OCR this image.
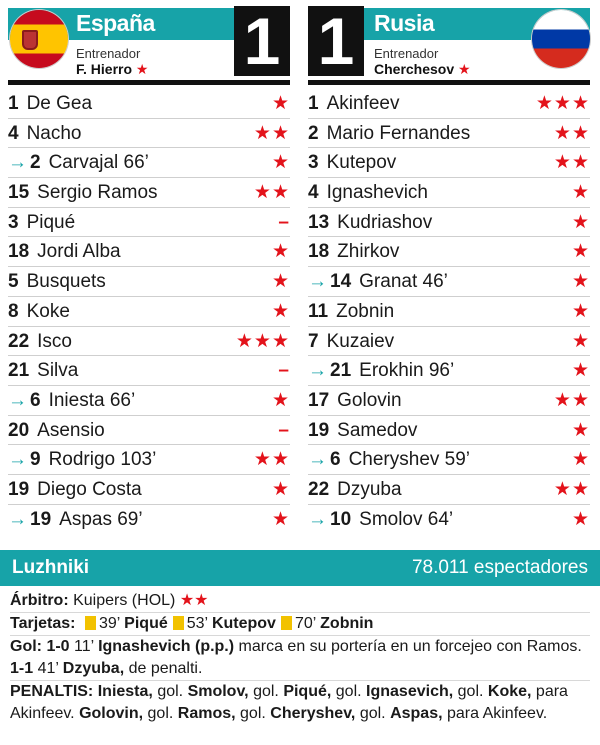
España
Entrenador
F. Hierro ★ 1
1 De Gea	★
4 Nacho	★★
→ 2 Carvajal 66’	★
15 Sergio Ramos	★★
3 Piqué	–
18 Jordi Alba	★
5 Busquets	★
8 Koke	★
22 Isco	★★★
21 Silva	–
→ 6 Iniesta 66’	★
20 Asensio	–
→ 9 Rodrigo 103’	★★
19 Diego Costa	★
→ 19 Aspas 69’	★
1 Rusia
Entrenador
Cherchesov ★
1 Akinfeev	★★★
2 Mario Fernandes	★★
3 Kutepov	★★
4 Ignashevich	★
13 Kudriashov	★
18 Zhirkov	★
→ 14 Granat 46’	★
11 Zobnin	★
7 Kuzaiev	★
→ 21 Erokhin 96’	★
17 Golovin	★★
19 Samedov	★
→ 6 Cheryshev 59’	★
22 Dzyuba	★★
→ 10 Smolov 64’	★
Luzhniki	78.011 espectadores
Árbitro: Kuipers (HOL) ★★
Tarjetas: 39’ Piqué 53’ Kutepov 70’ Zobnin
Gol: 1-0 11’ Ignashevich (p.p.) marca en su portería en un forcejeo con Ramos. 1-1 41’ Dzyuba, de penalti.
PENALTIS: Iniesta, gol. Smolov, gol. Piqué, gol. Ignasevich, gol. Koke, para Akinfeev. Golovin, gol. Ramos, gol. Cheryshev, gol. Aspas, para Akinfeev.
